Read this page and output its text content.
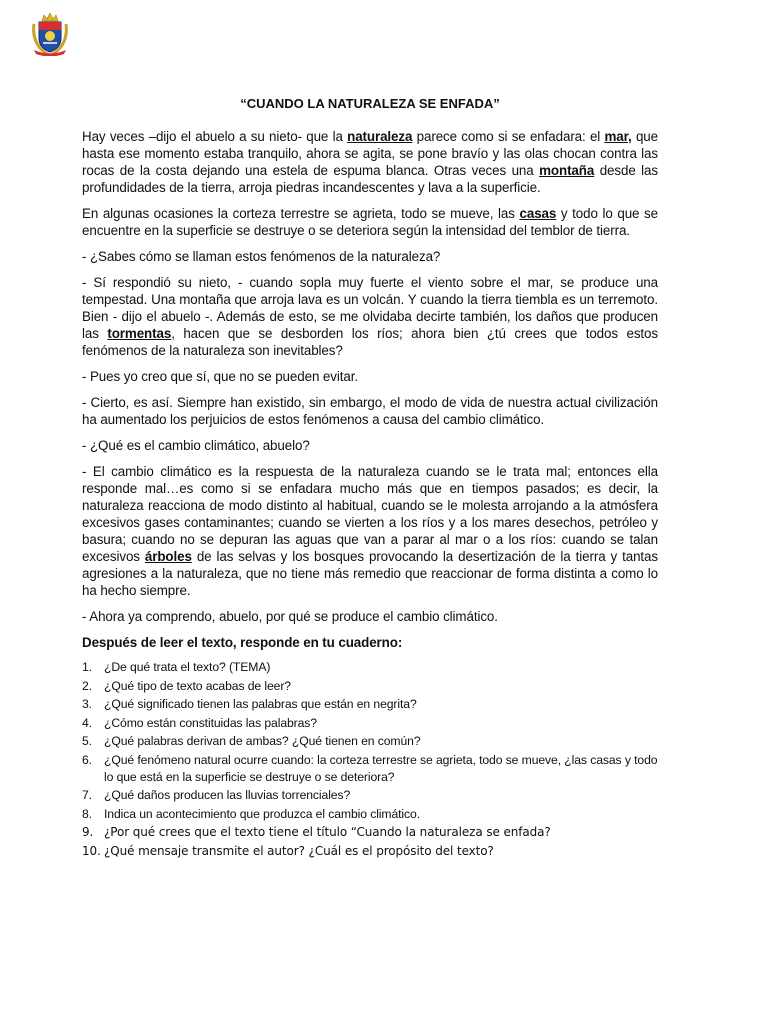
“CUANDO LA NATURALEZA SE ENFADA”

Hay veces –dijo el abuelo a su nieto- que la naturaleza parece como si se enfadara: el mar, que hasta ese momento estaba tranquilo, ahora se agita, se pone bravío y las olas chocan contra las rocas de la costa dejando una estela de espuma blanca. Otras veces una montaña desde las profundidades de la tierra, arroja piedras incandescentes y lava a la superficie.

En algunas ocasiones la corteza terrestre se agrieta, todo se mueve, las casas y todo lo que se encuentre en la superficie se destruye o se deteriora según la intensidad del temblor de tierra.

- ¿Sabes cómo se llaman estos fenómenos de la naturaleza?

- Sí respondió su nieto, - cuando sopla muy fuerte el viento sobre el mar, se produce una tempestad. Una montaña que arroja lava es un volcán. Y cuando la tierra tiembla es un terremoto. Bien - dijo el abuelo -. Además de esto, se me olvidaba decirte también, los daños que producen las tormentas, hacen que se desborden los ríos; ahora bien ¿tú crees que todos estos fenómenos de la naturaleza son inevitables?

- Pues yo creo que sí, que no se pueden evitar.

- Cierto, es así. Siempre han existido, sin embargo, el modo de vida de nuestra actual civilización ha aumentado los perjuicios de estos fenómenos a causa del cambio climático.

- ¿Qué es el cambio climático, abuelo?

- El cambio climático es la respuesta de la naturaleza cuando se le trata mal; entonces ella responde mal…es como si se enfadara mucho más que en tiempos pasados; es decir, la naturaleza reacciona de modo distinto al habitual, cuando se le molesta arrojando a la atmósfera excesivos gases contaminantes; cuando se vierten a los ríos y a los mares desechos, petróleo y basura; cuando no se depuran las aguas que van a parar al mar o a los ríos: cuando se talan excesivos árboles de las selvas y los bosques provocando la desertización de la tierra y tantas agresiones a la naturaleza, que no tiene más remedio que reaccionar de forma distinta a como lo ha hecho siempre.

- Ahora ya comprendo, abuelo, por qué se produce el cambio climático.

Después de leer el texto, responde en tu cuaderno:
1. ¿De qué trata el texto? (TEMA)
2. ¿Qué tipo de texto acabas de leer?
3. ¿Qué significado tienen las palabras que están en negrita?
4. ¿Cómo están constituidas las palabras?
5. ¿Qué palabras derivan de ambas? ¿Qué tienen en común?
6. ¿Qué fenómeno natural ocurre cuando: la corteza terrestre se agrieta, todo se mueve, ¿las casas y todo lo que está en la superficie se destruye o se deteriora?
7. ¿Qué daños producen las lluvias torrenciales?
8. Indica un acontecimiento que produzca el cambio climático.
9. ¿Por qué crees que el texto tiene el título “Cuando la naturaleza se enfada?
10. ¿Qué mensaje transmite el autor? ¿Cuál es el propósito del texto?
